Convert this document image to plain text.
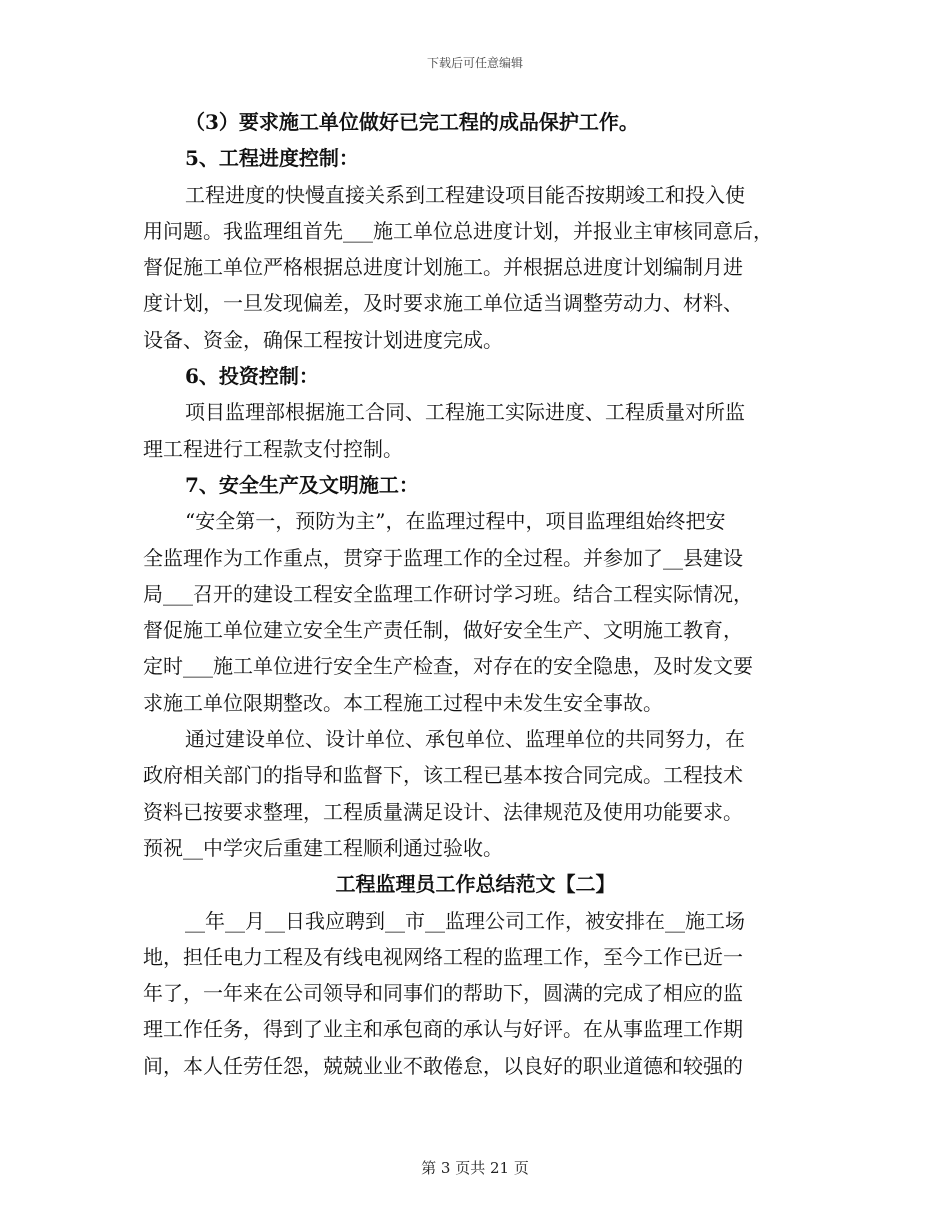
下载后可任意编辑
（3）要求施工单位做好已完工程的成品保护工作。
5、工程进度控制：
工程进度的快慢直接关系到工程建设项目能否按期竣工和投入使
用问题。我监理组首先___施工单位总进度计划，并报业主审核同意后，
督促施工单位严格根据总进度计划施工。并根据总进度计划编制月进
度计划，一旦发现偏差，及时要求施工单位适当调整劳动力、材料、
设备、资金，确保工程按计划进度完成。
6、投资控制：
项目监理部根据施工合同、工程施工实际进度、工程质量对所监
理工程进行工程款支付控制。
7、安全生产及文明施工：
“安全第一，预防为主”，在监理过程中，项目监理组始终把安
全监理作为工作重点，贯穿于监理工作的全过程。并参加了__县建设
局___召开的建设工程安全监理工作研讨学习班。结合工程实际情况，
督促施工单位建立安全生产责任制，做好安全生产、文明施工教育，
定时___施工单位进行安全生产检查，对存在的安全隐患，及时发文要
求施工单位限期整改。本工程施工过程中未发生安全事故。
通过建设单位、设计单位、承包单位、监理单位的共同努力，在
政府相关部门的指导和监督下，该工程已基本按合同完成。工程技术
资料已按要求整理，工程质量满足设计、法律规范及使用功能要求。
预祝__中学灾后重建工程顺利通过验收。
工程监理员工作总结范文【二】
__年__月__日我应聘到__市__监理公司工作，被安排在__施工场
地，担任电力工程及有线电视网络工程的监理工作，至今工作已近一
年了，一年来在公司领导和同事们的帮助下，圆满的完成了相应的监
理工作任务，得到了业主和承包商的承认与好评。在从事监理工作期
间，本人任劳任怨，兢兢业业不敢倦怠，以良好的职业道德和较强的
第 3 页共 21 页
